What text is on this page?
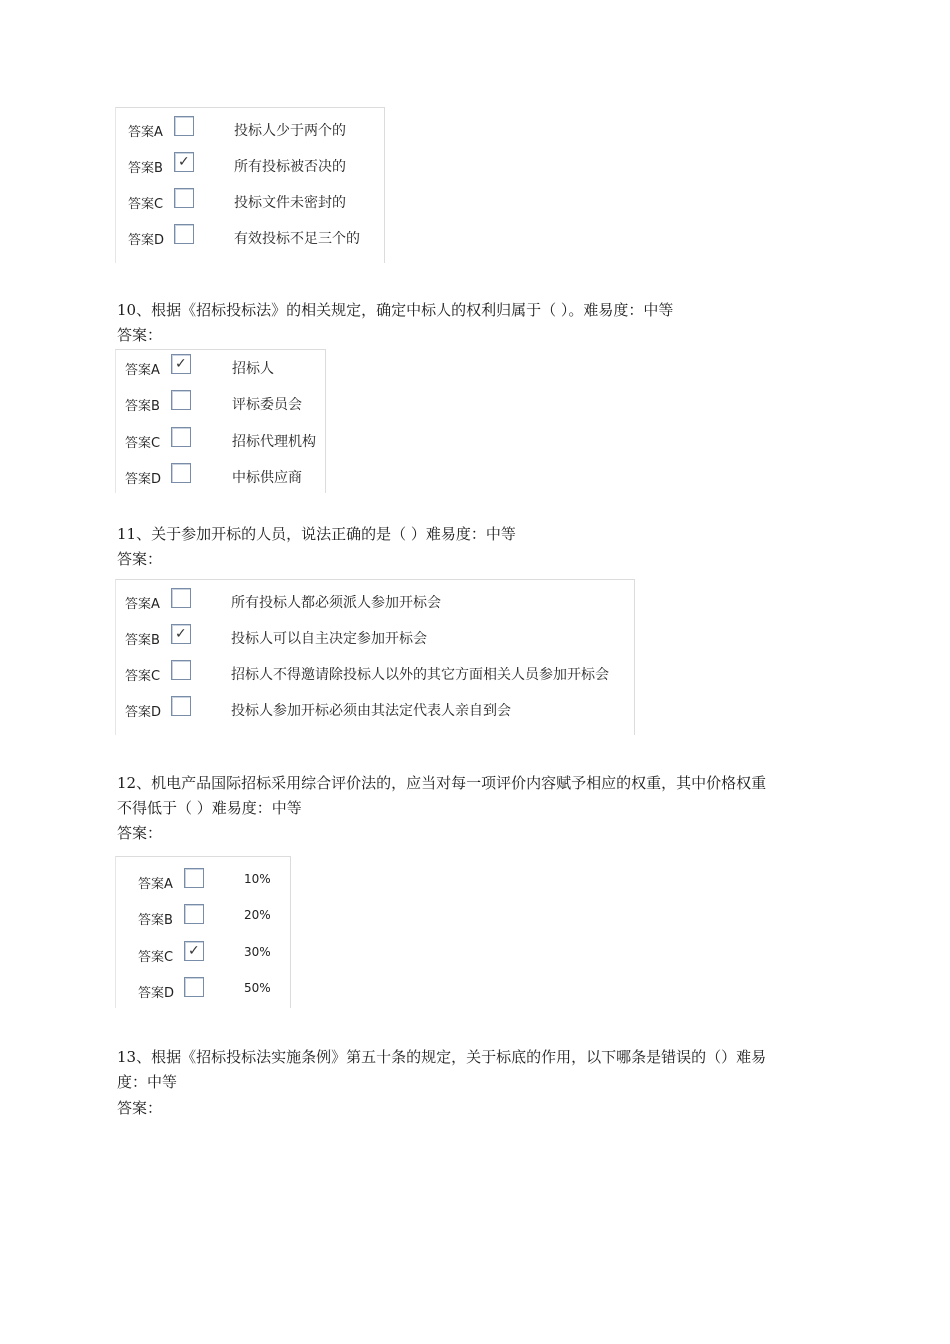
答案A	投标人少于两个的
答案B ✓	所有投标被否决的
答案C	投标文件未密封的
答案D	有效投标不足三个的

10、根据《招标投标法》的相关规定，确定中标人的权利归属于（ ）。难易度：中等

答案：
答案A ✓	招标人
答案B	评标委员会
答案C	招标代理机构
答案D	中标供应商

11、关于参加开标的人员，说法正确的是（ ）难易度：中等

答案：
答案A	所有投标人都必须派人参加开标会
答案B ✓	投标人可以自主决定参加开标会
答案C	招标人不得邀请除投标人以外的其它方面相关人员参加开标会
答案D	投标人参加开标必须由其法定代表人亲自到会

12、机电产品国际招标采用综合评价法的，应当对每一项评价内容赋予相应的权重，其中价格权重
不得低于（ ）难易度：中等

答案：
答案A	10%
答案B	20%
答案C ✓	30%
答案D	50%

13、根据《招标投标法实施条例》第五十条的规定，关于标底的作用，以下哪条是错误的（）难易
度：中等

答案：
